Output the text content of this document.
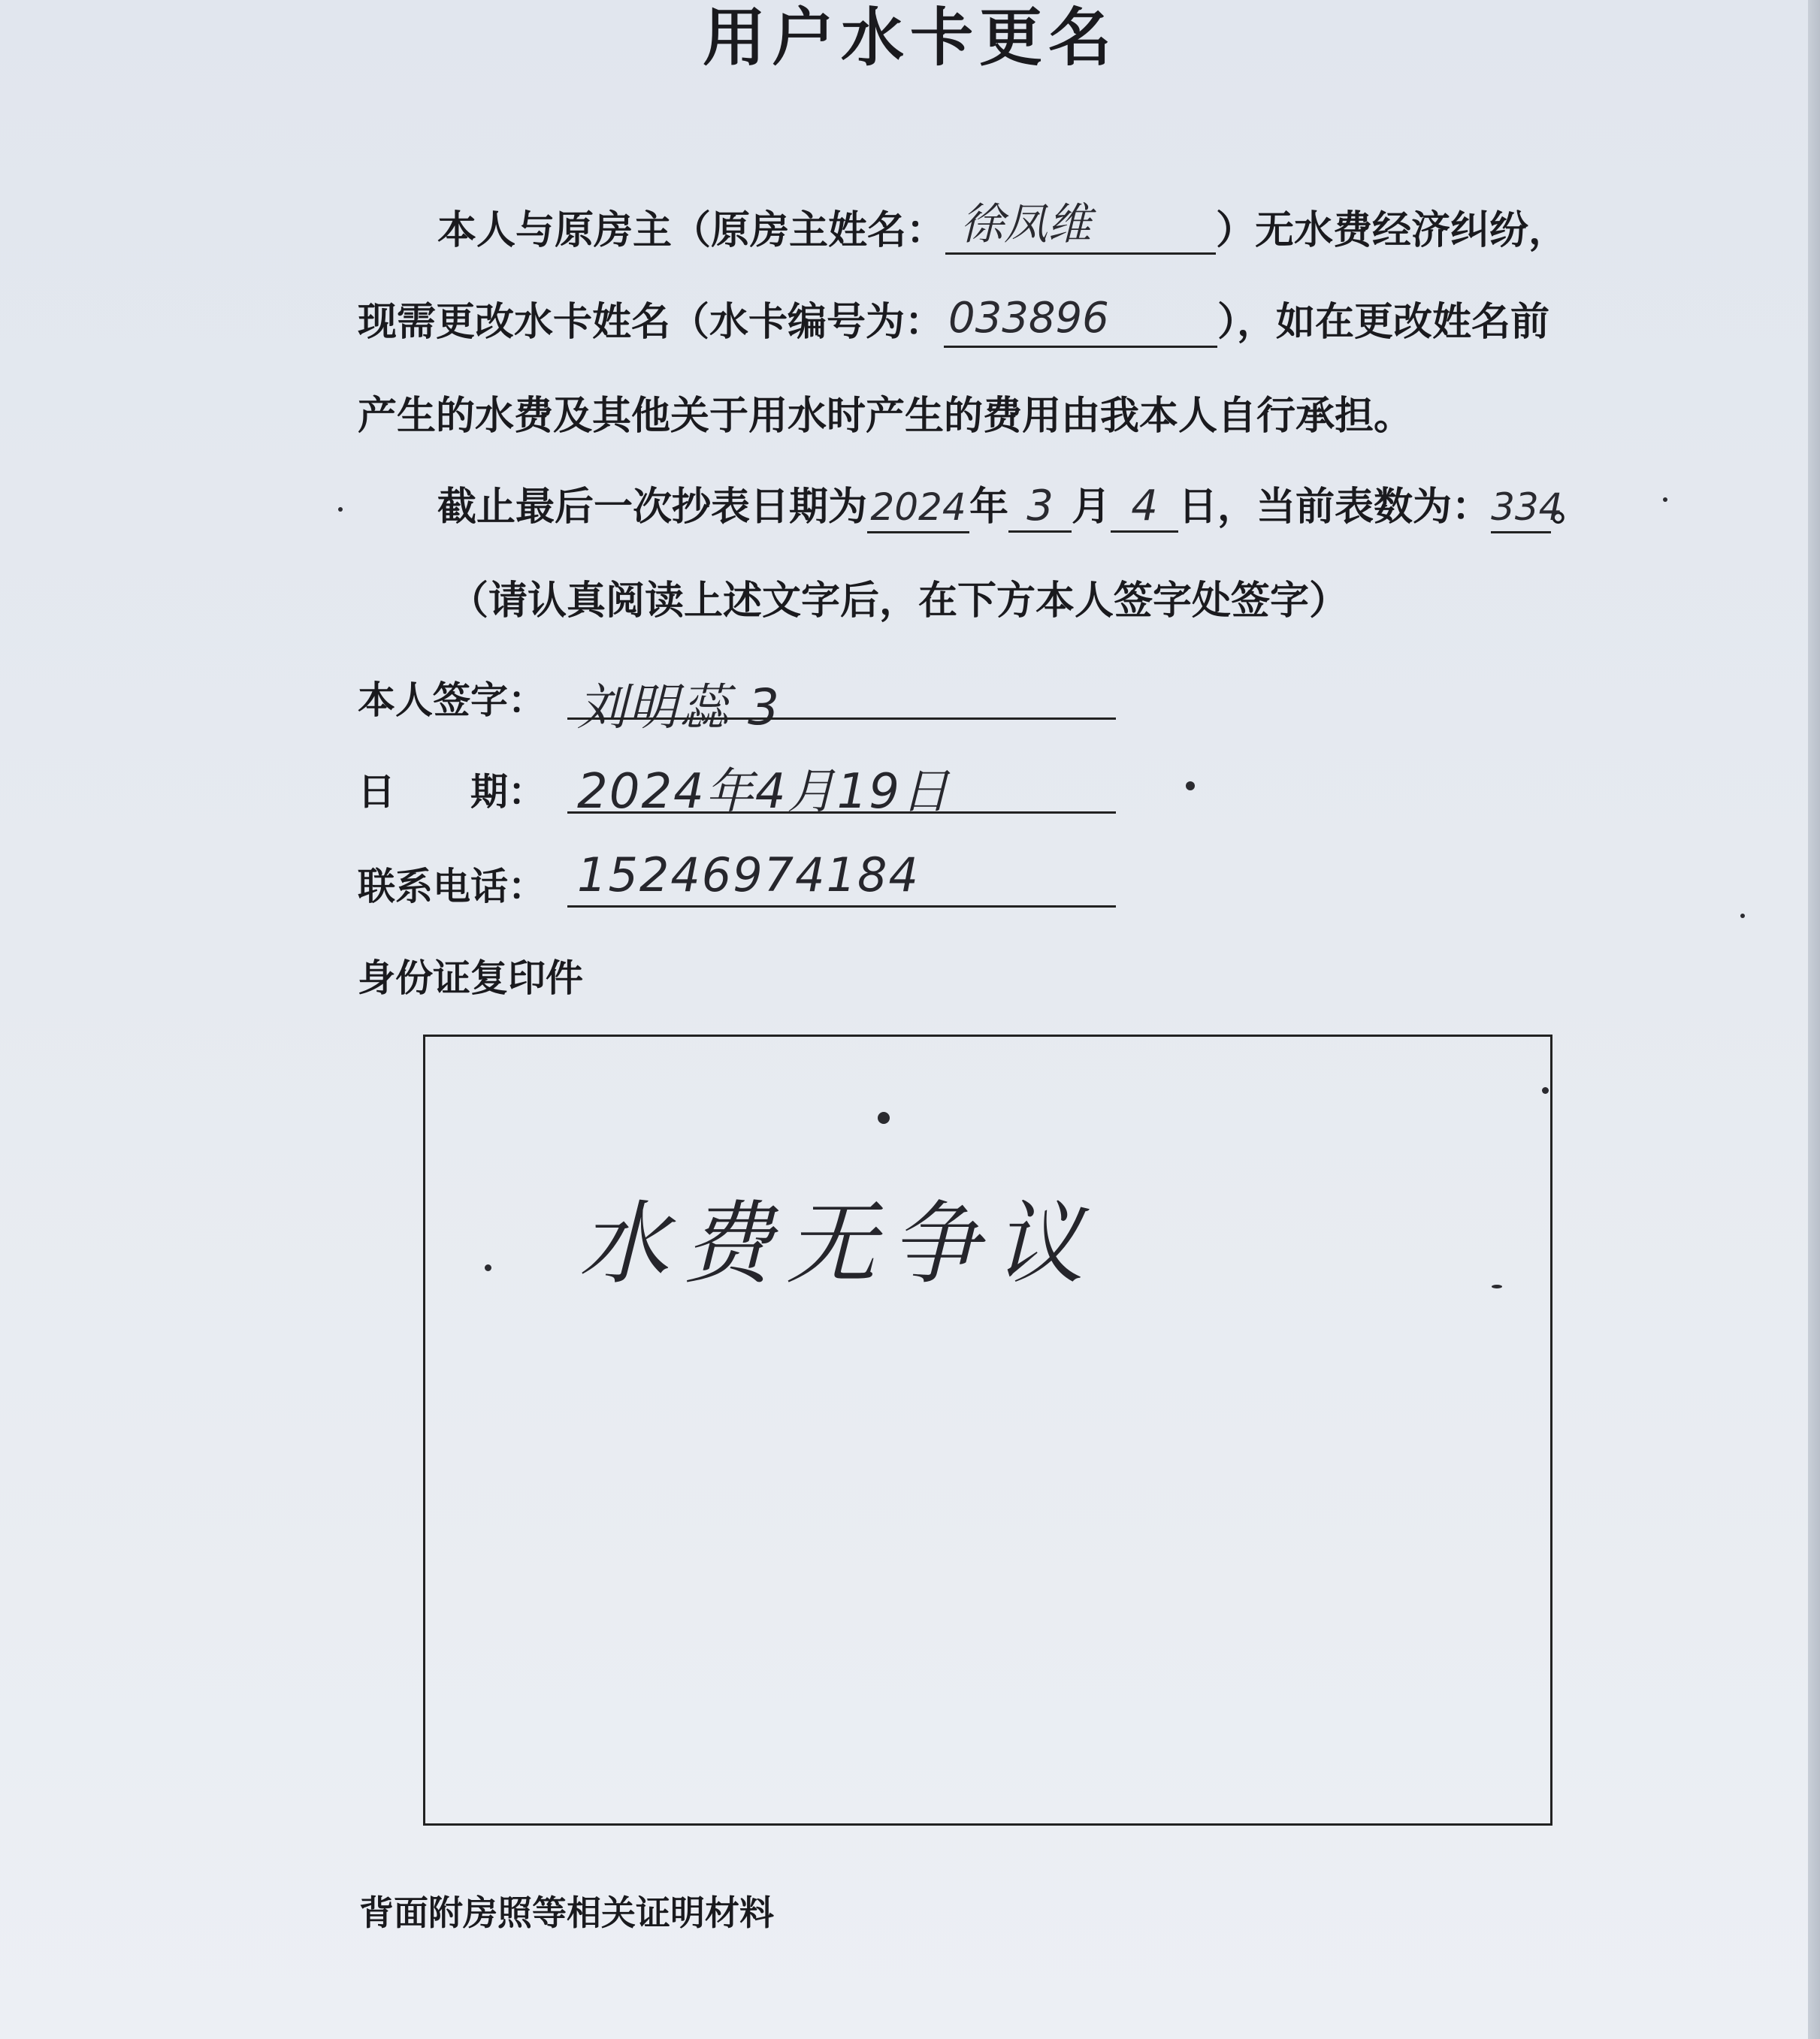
用户水卡更名
本人与原房主（原房主姓名： 徐凤维	）无水费经济纠纷，
现需更改水卡姓名（水卡编号为： 033896	），如在更改姓名前
产生的水费及其他关于用水时产生的费用由我本人自行承担。
截止最后一次抄表日期为2024年 3 月 4 日，当前表数为：334。
（请认真阅读上述文字后，在下方本人签字处签字）
本人签字： 刘明蕊 3
日　　期： 2024年4月19日
联系电话： 15246974184
身份证复印件
水费无争议
背面附房照等相关证明材料
